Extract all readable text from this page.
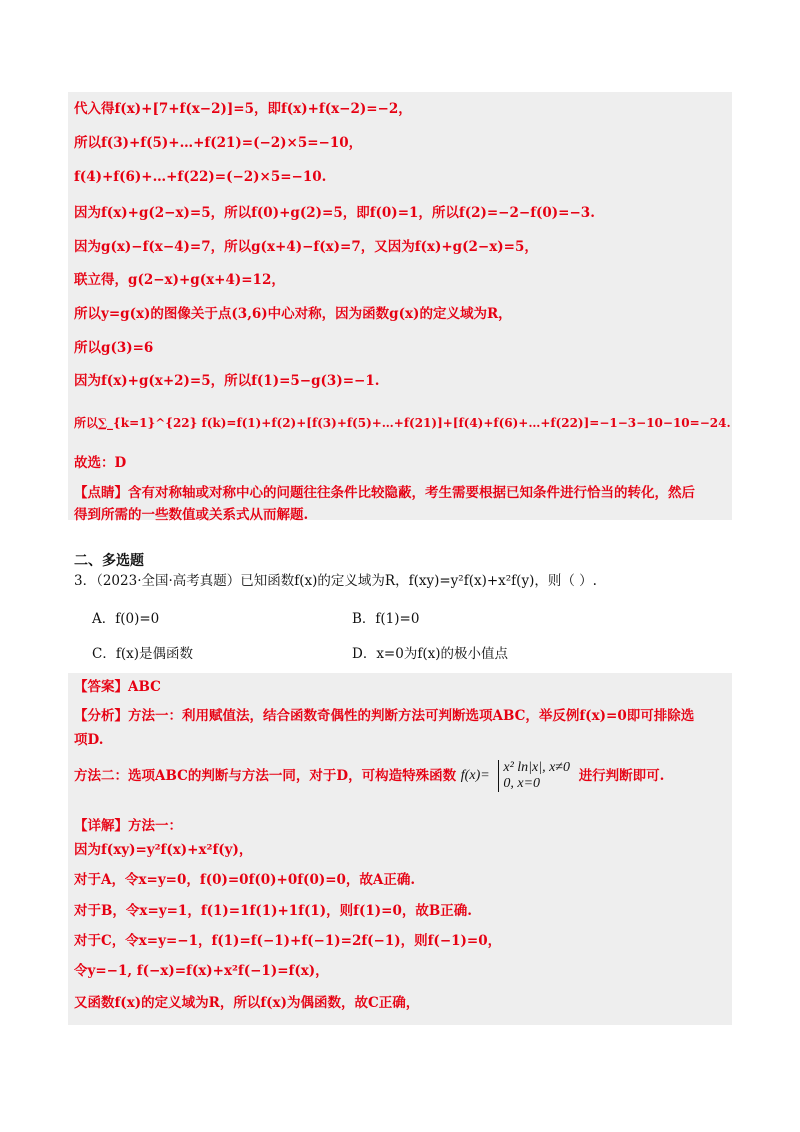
代入得f(x)+[7+f(x−2)]=5，即f(x)+f(x−2)=−2，
所以f(3)+f(5)+…+f(21)=(−2)×5=−10，
f(4)+f(6)+…+f(22)=(−2)×5=−10.
因为f(x)+g(2−x)=5，所以f(0)+g(2)=5，即f(0)=1，所以f(2)=−2−f(0)=−3.
因为g(x)−f(x−4)=7，所以g(x+4)−f(x)=7，又因为f(x)+g(2−x)=5，
联立得，g(2−x)+g(x+4)=12，
所以y=g(x)的图像关于点(3,6)中心对称，因为函数g(x)的定义域为R，
所以g(3)=6
因为f(x)+g(x+2)=5，所以f(1)=5−g(3)=−1.
所以∑_{k=1}^{22} f(k)=f(1)+f(2)+[f(3)+f(5)+…+f(21)]+[f(4)+f(6)+…+f(22)]=−1−3−10−10=−24.
故选：D
【点睛】含有对称轴或对称中心的问题往往条件比较隐蔽，考生需要根据已知条件进行恰当的转化，然后
得到所需的一些数值或关系式从而解题.
二、多选题
3．（2023·全国·高考真题）已知函数f(x)的定义域为R，f(xy)=y²f(x)+x²f(y)，则（ ）.
A．f(0)=0	B．f(1)=0
C．f(x)是偶函数	D．x=0为f(x)的极小值点
【答案】ABC
【分析】方法一：利用赋值法，结合函数奇偶性的判断方法可判断选项ABC，举反例f(x)=0即可排除选
项D.
方法二：选项ABC的判断与方法一同，对于D，可构造特殊函数 f(x)=
x² ln|x|, x≠0
0, x=0	进行判断即可.
【详解】方法一：
因为f(xy)=y²f(x)+x²f(y)，
对于A，令x=y=0，f(0)=0f(0)+0f(0)=0，故A正确.
对于B，令x=y=1，f(1)=1f(1)+1f(1)，则f(1)=0，故B正确.
对于C，令x=y=−1，f(1)=f(−1)+f(−1)=2f(−1)，则f(−1)=0，
令y=−1, f(−x)=f(x)+x²f(−1)=f(x)，
又函数f(x)的定义域为R，所以f(x)为偶函数，故C正确，
